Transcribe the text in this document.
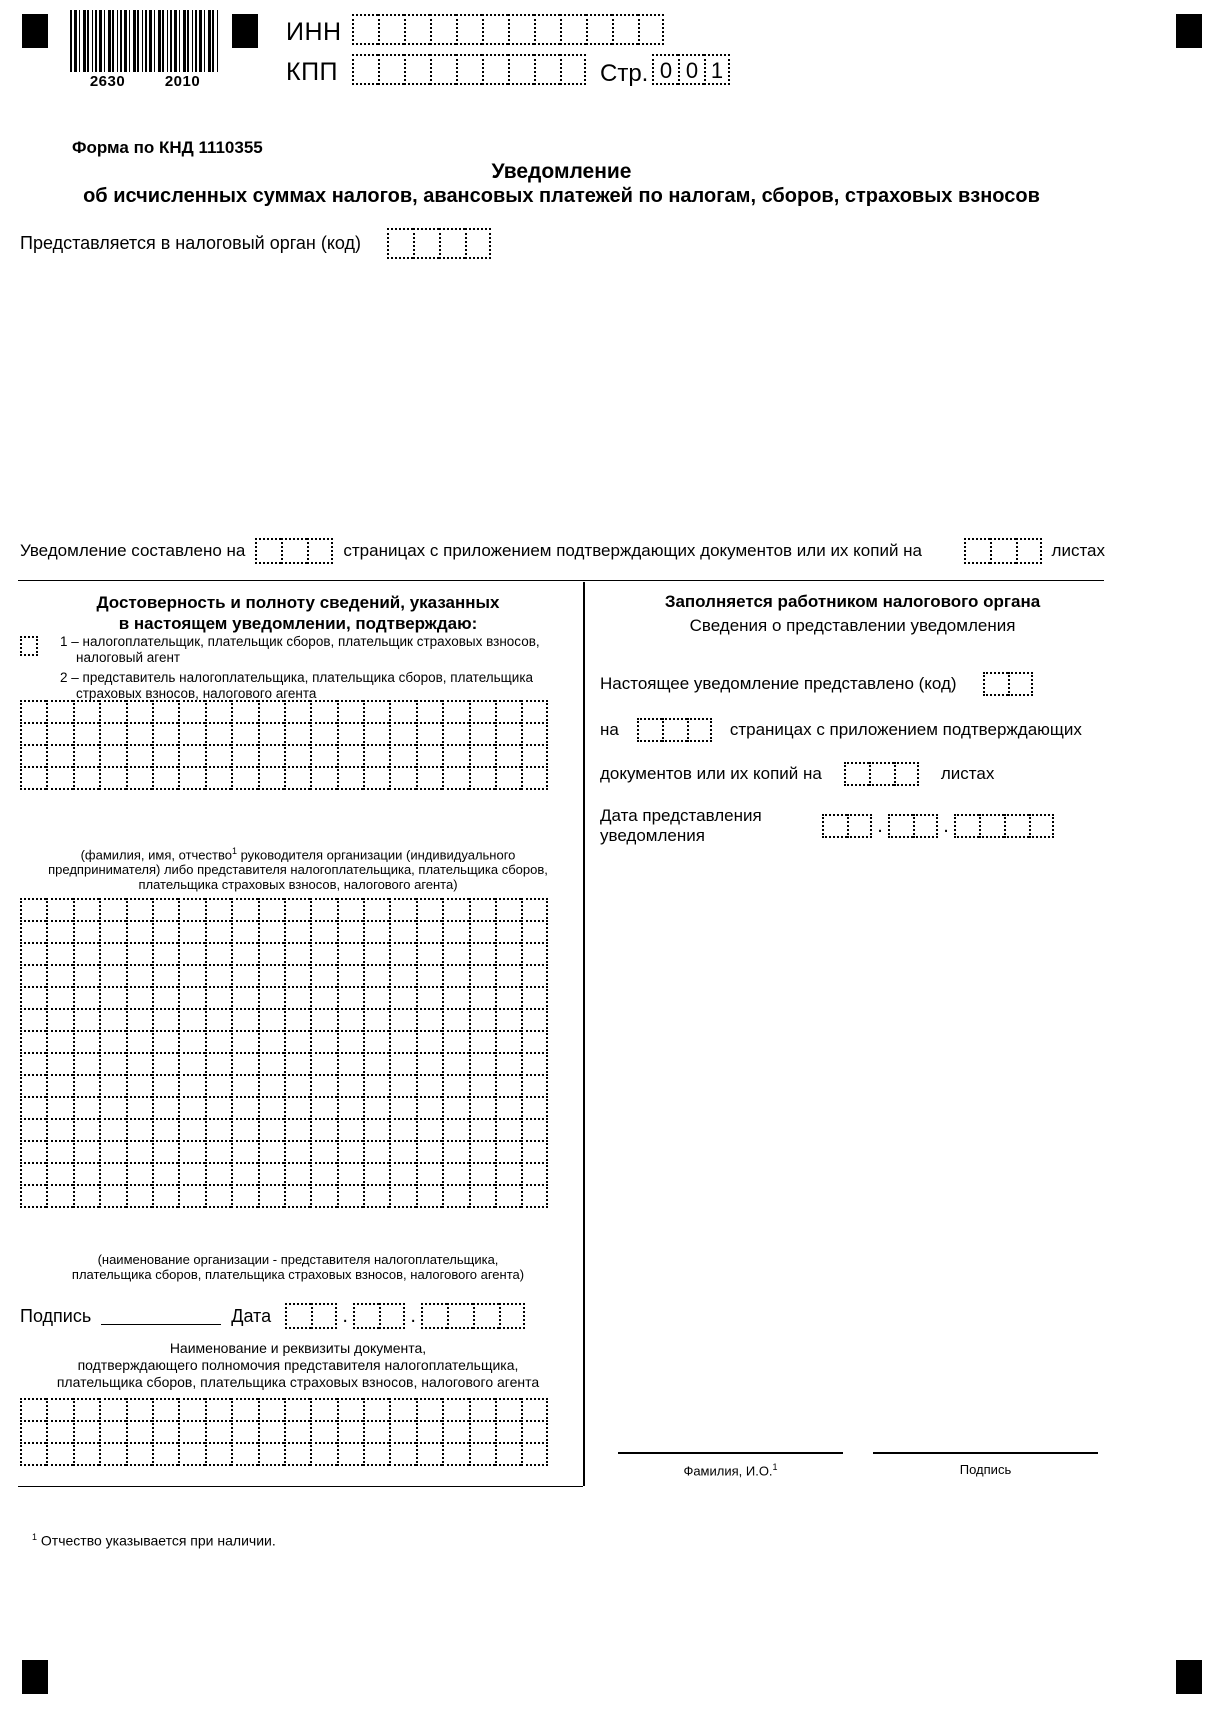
2630	2010
ИНН
КПП	Стр. 0 0 1
Форма по КНД 1110355
Уведомление
об исчисленных суммах налогов, авансовых платежей по налогам, сборов, страховых взносов
Представляется в налоговый орган (код)
Уведомление составлено на	страницах с приложением подтверждающих документов или их копий на	листах
Достоверность и полноту сведений, указанных
в настоящем уведомлении, подтверждаю:
1 – налогоплательщик, плательщик сборов, плательщик страховых взносов,
налоговый агент
2 – представитель налогоплательщика, плательщика сборов, плательщика
страховых взносов, налогового агента
(фамилия, имя, отчество$^1$ руководителя организации (индивидуального
предпринимателя) либо представителя налогоплательщика, плательщика сборов,
плательщика страховых взносов, налогового агента)
(наименование организации - представителя налогоплательщика,
плательщика сборов, плательщика страховых взносов, налогового агента)
Подпись	Дата	.	.
Наименование и реквизиты документа,
подтверждающего полномочия представителя налогоплательщика,
плательщика сборов, плательщика страховых взносов, налогового агента
Заполняется работником налогового органа
Сведения о представлении уведомления
Настоящее уведомление представлено (код)
на	страницах с приложением подтверждающих
документов или их копий на	листах
Дата представления
уведомления	.	.
Фамилия, И.О.$^1$	Подпись
$^1$ Отчество указывается при наличии.
